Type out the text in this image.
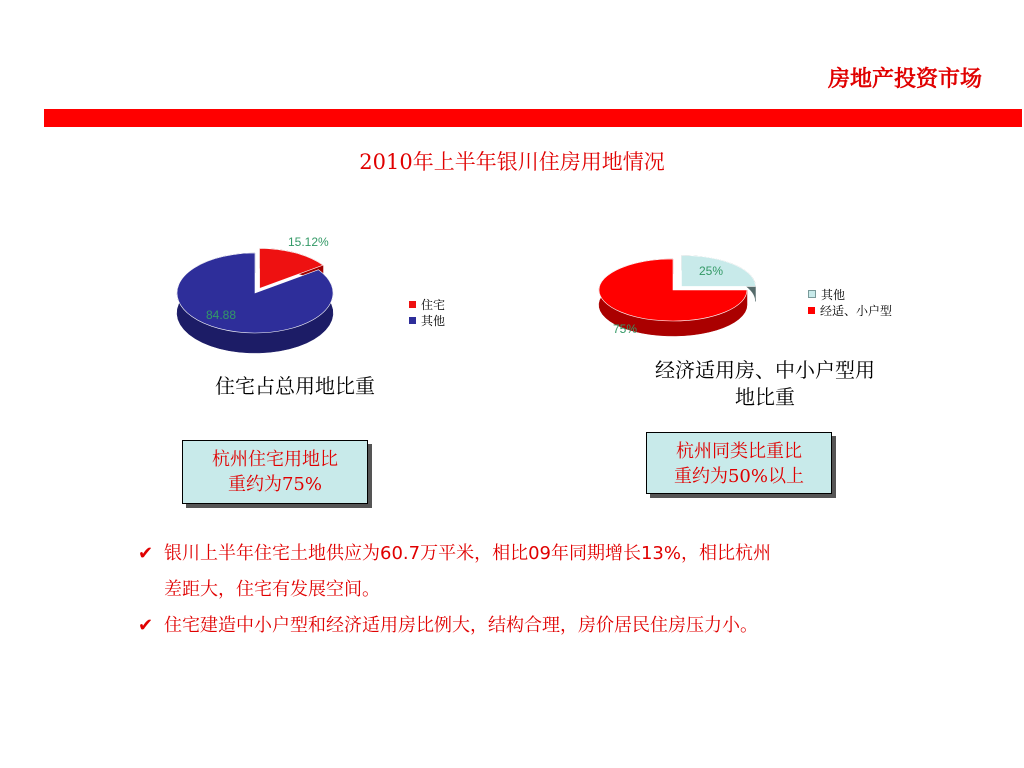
房地产投资市场
2010年上半年银川住房用地情况
15.12%
84.88
住宅
其他
住宅占总用地比重
杭州住宅用地比
重约为75%
25%
75%
其他
经适、小户型
经济适用房、中小户型用
地比重
杭州同类比重比
重约为50%以上
✔ 银川上半年住宅土地供应为60.7万平米，相比09年同期增长13%，相比杭州
差距大，住宅有发展空间。
✔ 住宅建造中小户型和经济适用房比例大，结构合理，房价居民住房压力小。
